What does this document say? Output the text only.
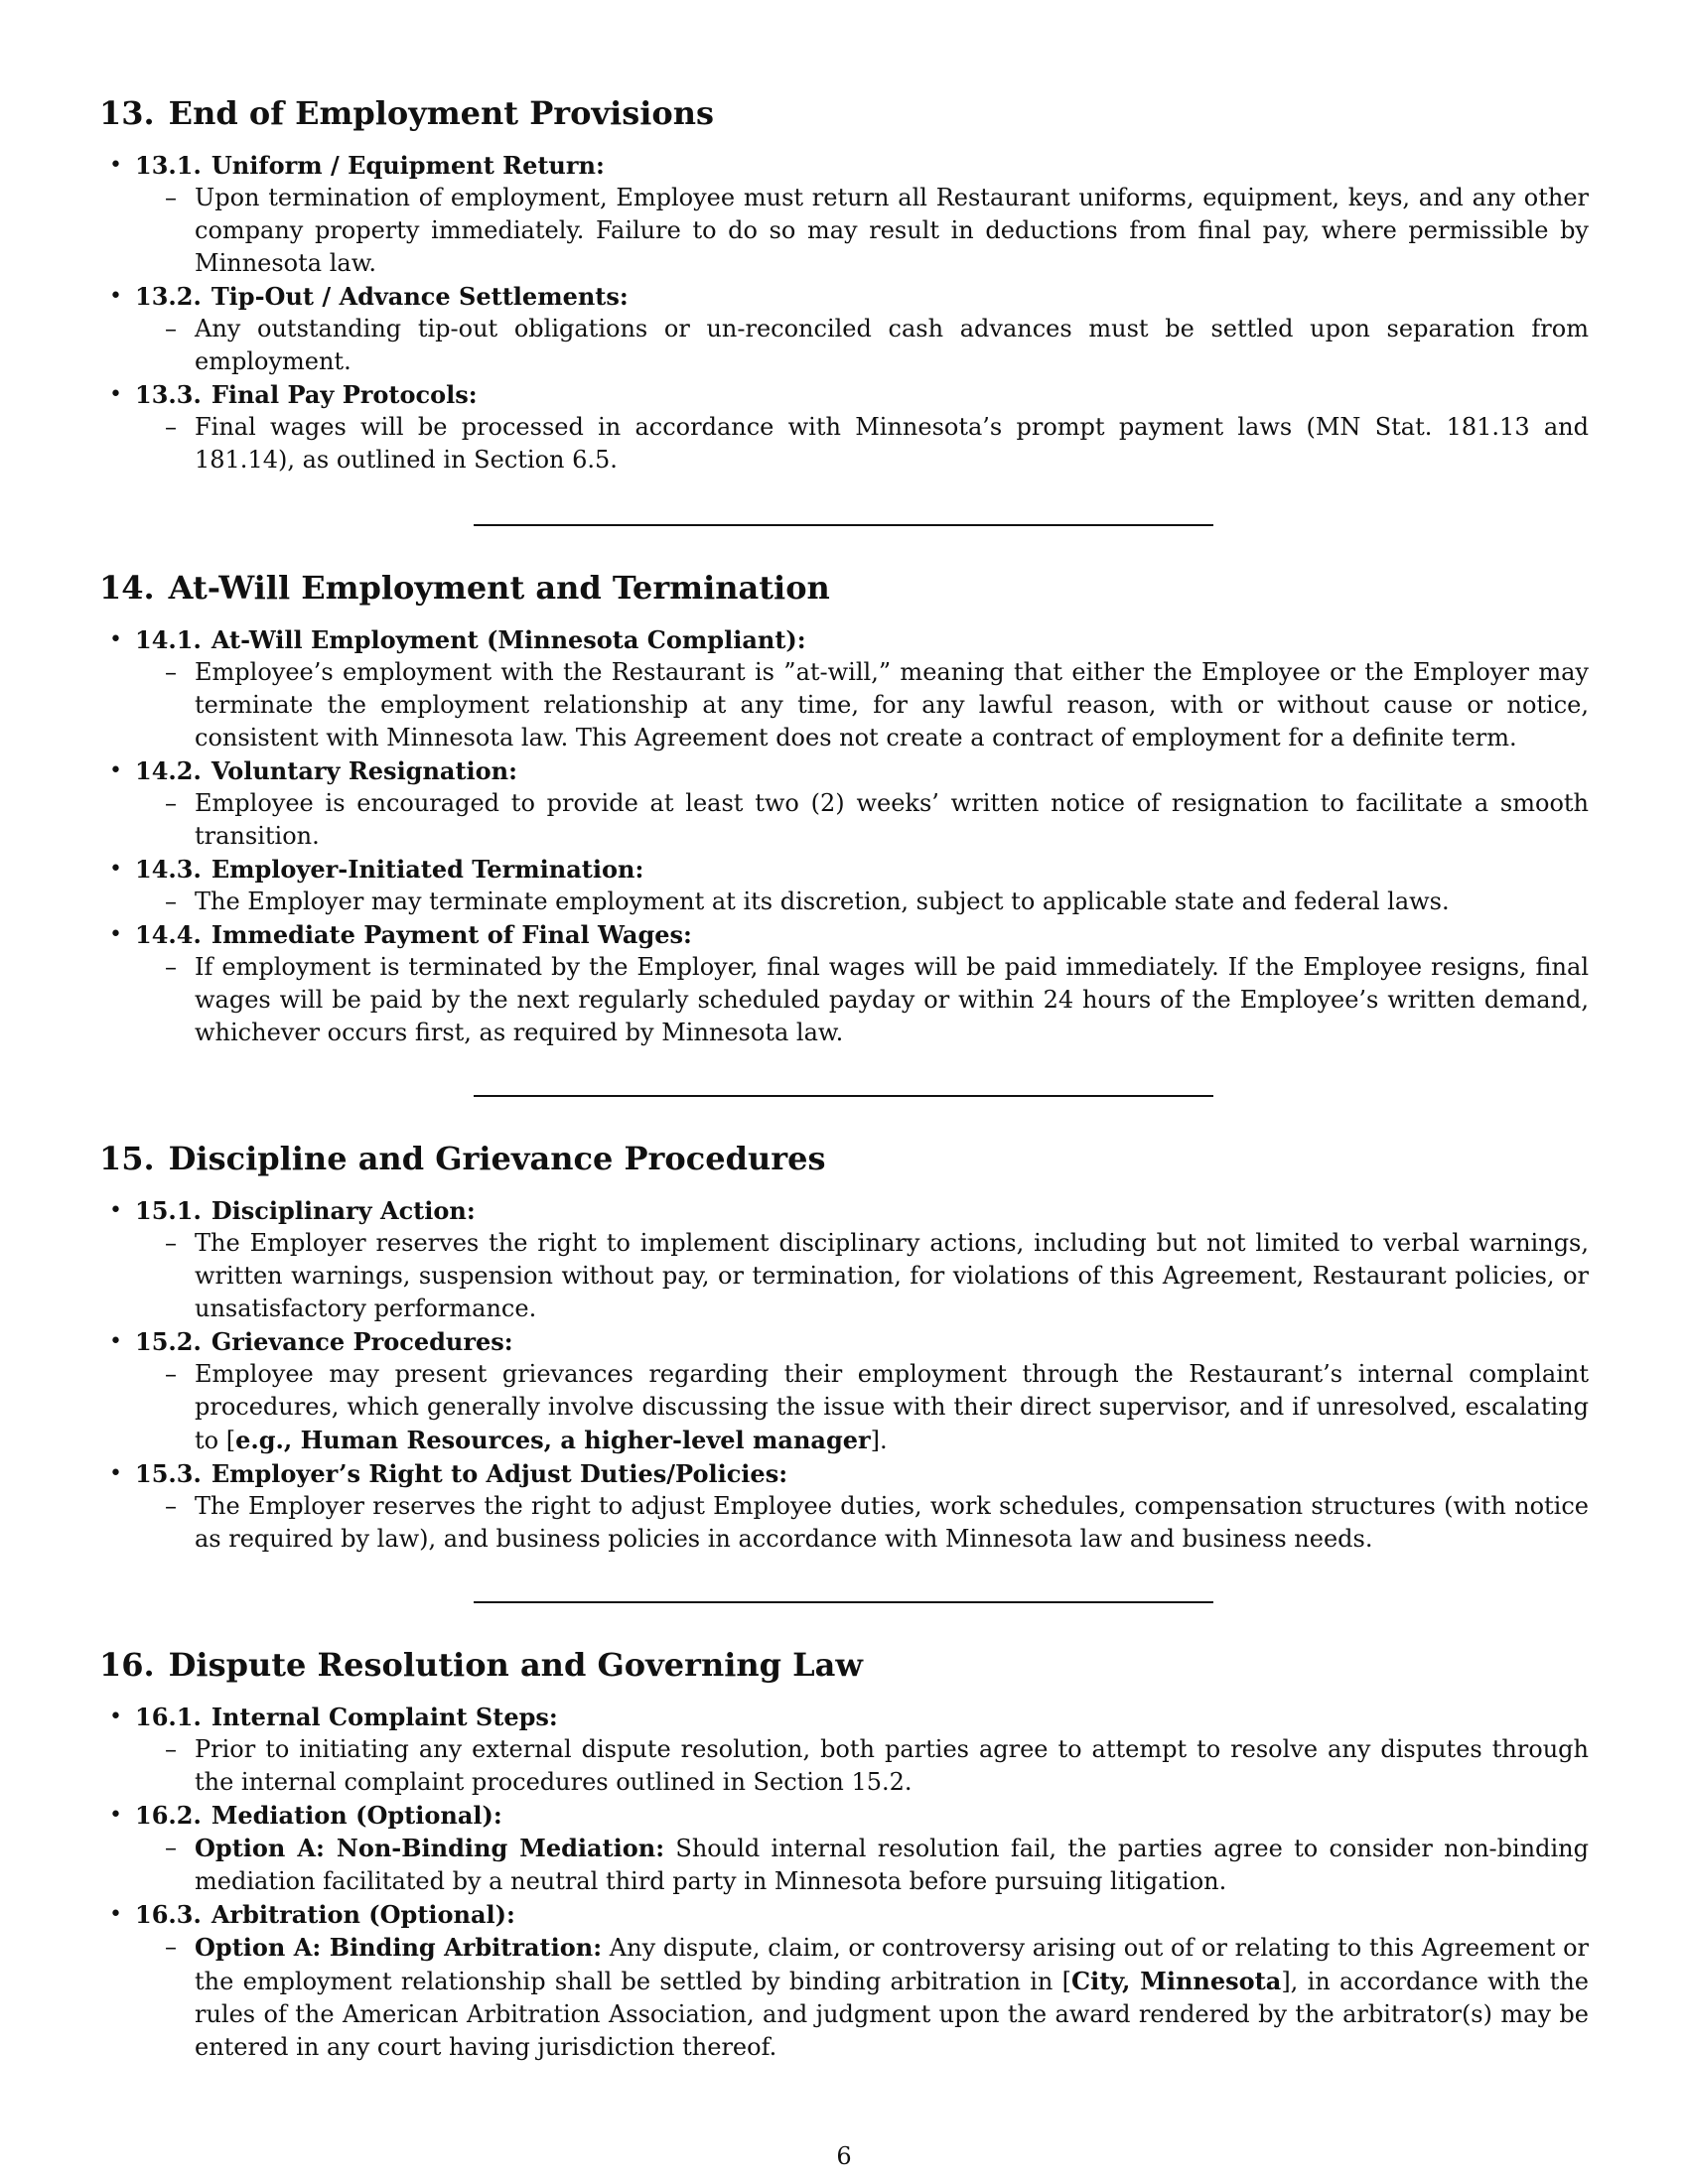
13. End of Employment Provisions
• 13.1. Uniform / Equipment Return:
– Upon termination of employment, Employee must return all Restaurant uniforms, equipment, keys, and any other company property immediately. Failure to do so may result in deductions from final pay, where permissible by Minnesota law.
• 13.2. Tip-Out / Advance Settlements:
– Any outstanding tip-out obligations or un-reconciled cash advances must be settled upon separation from employment.
• 13.3. Final Pay Protocols:
– Final wages will be processed in accordance with Minnesota’s prompt payment laws (MN Stat. 181.13 and 181.14), as outlined in Section 6.5.
14. At-Will Employment and Termination
• 14.1. At-Will Employment (Minnesota Compliant):
– Employee’s employment with the Restaurant is ”at-will,” meaning that either the Employee or the Employer may terminate the employment relationship at any time, for any lawful reason, with or without cause or notice, consistent with Minnesota law. This Agreement does not create a contract of employment for a definite term.
• 14.2. Voluntary Resignation:
– Employee is encouraged to provide at least two (2) weeks’ written notice of resignation to facilitate a smooth transition.
• 14.3. Employer-Initiated Termination:
– The Employer may terminate employment at its discretion, subject to applicable state and federal laws.
• 14.4. Immediate Payment of Final Wages:
– If employment is terminated by the Employer, final wages will be paid immediately. If the Employee resigns, final wages will be paid by the next regularly scheduled payday or within 24 hours of the Employee’s written demand, whichever occurs first, as required by Minnesota law.
15. Discipline and Grievance Procedures
• 15.1. Disciplinary Action:
– The Employer reserves the right to implement disciplinary actions, including but not limited to verbal warnings, written warnings, suspension without pay, or termination, for violations of this Agreement, Restaurant policies, or unsatisfactory performance.
• 15.2. Grievance Procedures:
– Employee may present grievances regarding their employment through the Restaurant’s internal complaint procedures, which generally involve discussing the issue with their direct supervisor, and if unresolved, escalating to [e.g., Human Resources, a higher-level manager].
• 15.3. Employer’s Right to Adjust Duties/Policies:
– The Employer reserves the right to adjust Employee duties, work schedules, compensation structures (with notice as required by law), and business policies in accordance with Minnesota law and business needs.
16. Dispute Resolution and Governing Law
• 16.1. Internal Complaint Steps:
– Prior to initiating any external dispute resolution, both parties agree to attempt to resolve any disputes through the internal complaint procedures outlined in Section 15.2.
• 16.2. Mediation (Optional):
– Option A: Non-Binding Mediation: Should internal resolution fail, the parties agree to consider non-binding mediation facilitated by a neutral third party in Minnesota before pursuing litigation.
• 16.3. Arbitration (Optional):
– Option A: Binding Arbitration: Any dispute, claim, or controversy arising out of or relating to this Agreement or the employment relationship shall be settled by binding arbitration in [City, Minnesota], in accordance with the rules of the American Arbitration Association, and judgment upon the award rendered by the arbitrator(s) may be entered in any court having jurisdiction thereof.
6
